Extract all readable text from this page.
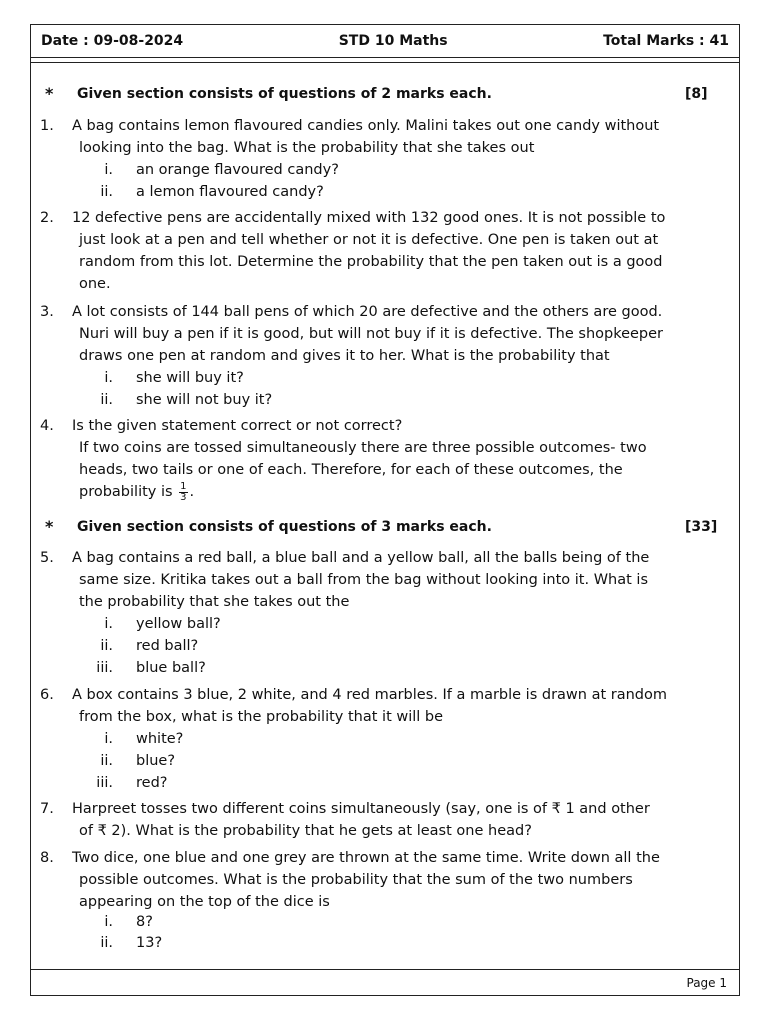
Date : 09-08-2024	STD 10 Maths	Total Marks : 41
* Given section consists of questions of 2 marks each.	[8]
1. A bag contains lemon flavoured candies only. Malini takes out one candy without
looking into the bag. What is the probability that she takes out
i. an orange flavoured candy?
ii. a lemon flavoured candy?
2. 12 defective pens are accidentally mixed with 132 good ones. It is not possible to
just look at a pen and tell whether or not it is defective. One pen is taken out at
random from this lot. Determine the probability that the pen taken out is a good
one.
3. A lot consists of 144 ball pens of which 20 are defective and the others are good.
Nuri will buy a pen if it is good, but will not buy if it is defective. The shopkeeper
draws one pen at random and gives it to her. What is the probability that
i. she will buy it?
ii. she will not buy it?
4. Is the given statement correct or not correct?
If two coins are tossed simultaneously there are three possible outcomes- two
heads, two tails or one of each. Therefore, for each of these outcomes, the
probability is $\frac{1}{3}$ .
* Given section consists of questions of 3 marks each.	[33]
5. A bag contains a red ball, a blue ball and a yellow ball, all the balls being of the
same size. Kritika takes out a ball from the bag without looking into it. What is
the probability that she takes out the
i. yellow ball?
ii. red ball?
iii. blue ball?
6. A box contains 3 blue, 2 white, and 4 red marbles. If a marble is drawn at random
from the box, what is the probability that it will be
i. white?
ii. blue?
iii. red?
7. Harpreet tosses two different coins simultaneously (say, one is of ₹ 1 and other
of ₹ 2). What is the probability that he gets at least one head?
8. Two dice, one blue and one grey are thrown at the same time. Write down all the
possible outcomes. What is the probability that the sum of the two numbers
appearing on the top of the dice is
i. 8?
ii. 13?
Page 1
